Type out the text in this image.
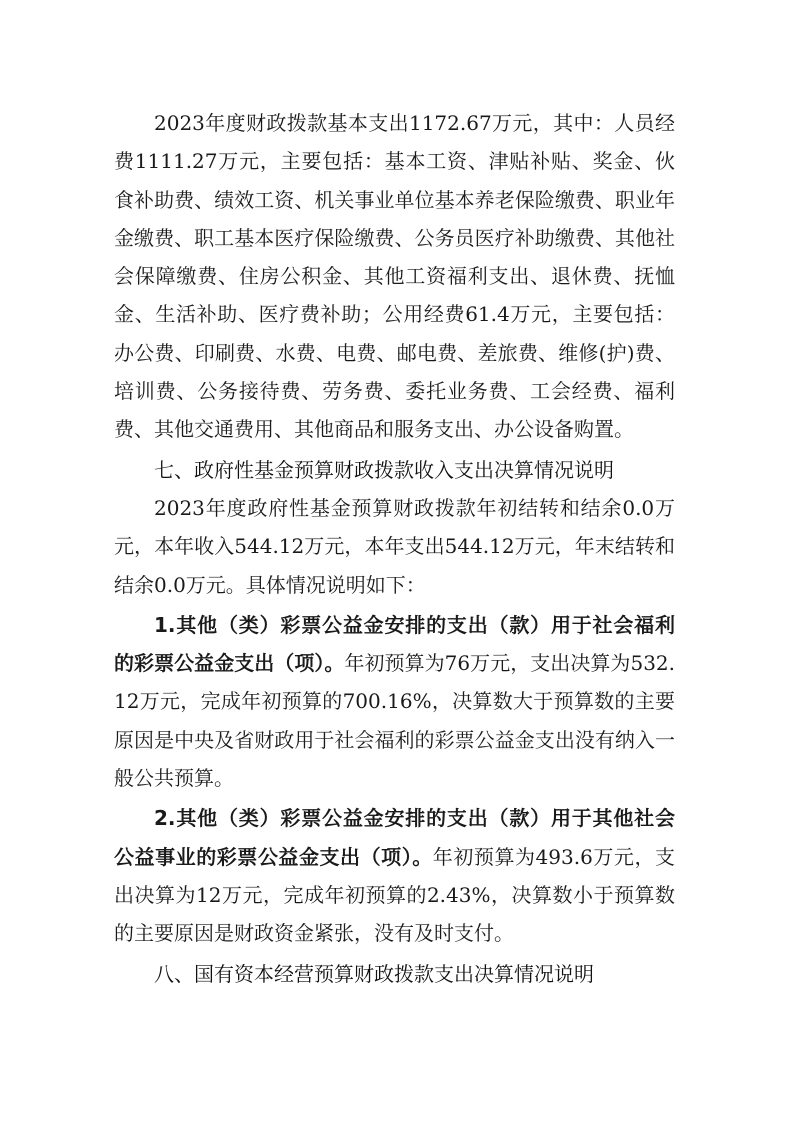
2023年度财政拨款基本支出1172.67万元，其中：人员经费1111.27万元，主要包括：基本工资、津贴补贴、奖金、伙食补助费、绩效工资、机关事业单位基本养老保险缴费、职业年金缴费、职工基本医疗保险缴费、公务员医疗补助缴费、其他社会保障缴费、住房公积金、其他工资福利支出、退休费、抚恤金、生活补助、医疗费补助；公用经费61.4万元，主要包括：办公费、印刷费、水费、电费、邮电费、差旅费、维修(护)费、培训费、公务接待费、劳务费、委托业务费、工会经费、福利费、其他交通费用、其他商品和服务支出、办公设备购置。

七、政府性基金预算财政拨款收入支出决算情况说明

2023年度政府性基金预算财政拨款年初结转和结余0.0万元，本年收入544.12万元，本年支出544.12万元，年末结转和结余0.0万元。具体情况说明如下：

1.其他（类）彩票公益金安排的支出（款）用于社会福利的彩票公益金支出（项）。年初预算为76万元，支出决算为532.12万元，完成年初预算的700.16%，决算数大于预算数的主要原因是中央及省财政用于社会福利的彩票公益金支出没有纳入一般公共预算。

2.其他（类）彩票公益金安排的支出（款）用于其他社会公益事业的彩票公益金支出（项）。年初预算为493.6万元，支出决算为12万元，完成年初预算的2.43%，决算数小于预算数的主要原因是财政资金紧张，没有及时支付。

八、国有资本经营预算财政拨款支出决算情况说明
